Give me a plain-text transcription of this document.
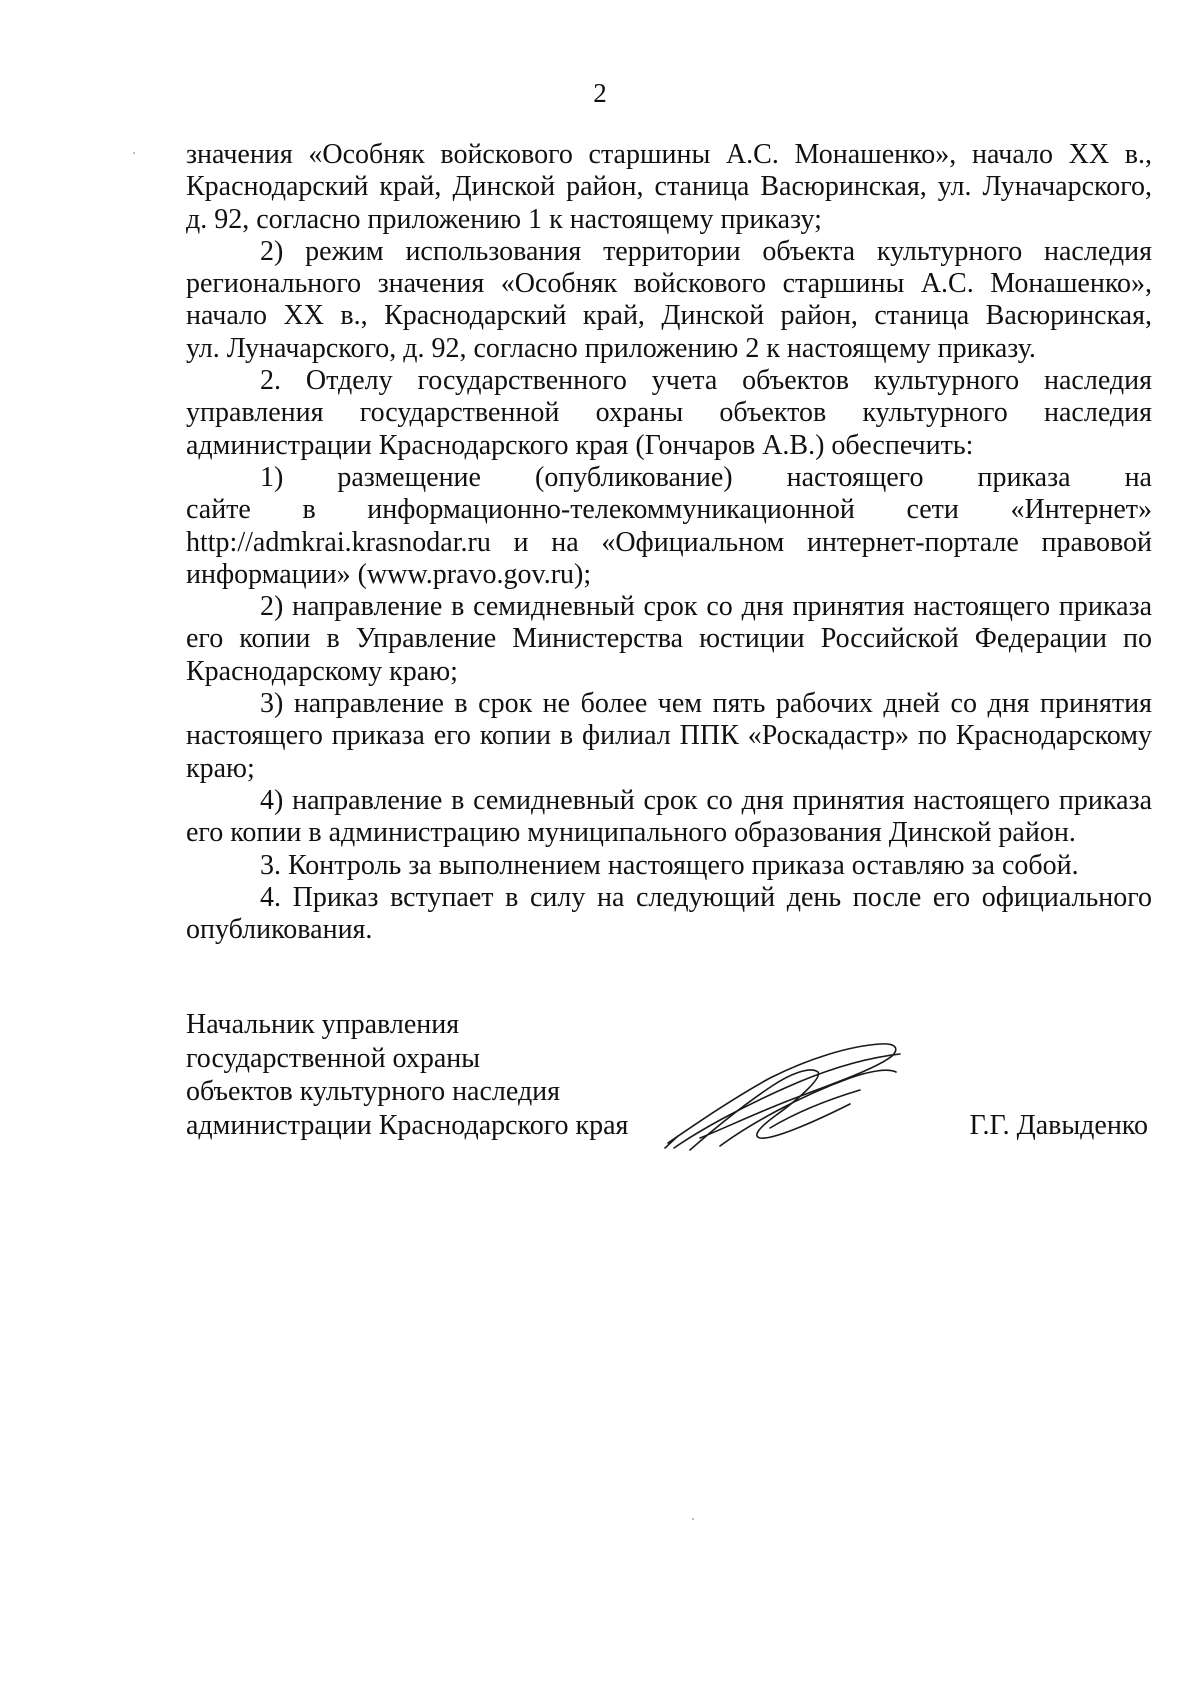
2
значения «Особняк войскового старшины А.С. Монашенко», начало XX в.,
Краснодарский край, Динской район, станица Васюринская, ул. Луначарского,
д. 92, согласно приложению 1 к настоящему приказу;
2) режим использования территории объекта культурного наследия
регионального значения «Особняк войскового старшины А.С. Монашенко»,
начало XX в., Краснодарский край, Динской район, станица Васюринская,
ул. Луначарского, д. 92, согласно приложению 2 к настоящему приказу.
2. Отделу государственного учета объектов культурного наследия
управления государственной охраны объектов культурного наследия
администрации Краснодарского края (Гончаров А.В.) обеспечить:
1) размещение (опубликование) настоящего приказа на
сайте в информационно-телекоммуникационной сети «Интернет»
http://admkrai.krasnodar.ru и на «Официальном интернет-портале правовой
информации» (www.pravo.gov.ru);
2) направление в семидневный срок со дня принятия настоящего приказа
его копии в Управление Министерства юстиции Российской Федерации по
Краснодарскому краю;
3) направление в срок не более чем пять рабочих дней со дня принятия
настоящего приказа его копии в филиал ППК «Роскадастр» по Краснодарскому
краю;
4) направление в семидневный срок со дня принятия настоящего приказа
его копии в администрацию муниципального образования Динской район.
3. Контроль за выполнением настоящего приказа оставляю за собой.
4. Приказ вступает в силу на следующий день после его официального
опубликования.
Начальник управления
государственной охраны
объектов культурного наследия
администрации Краснодарского края	Г.Г. Давыденко
